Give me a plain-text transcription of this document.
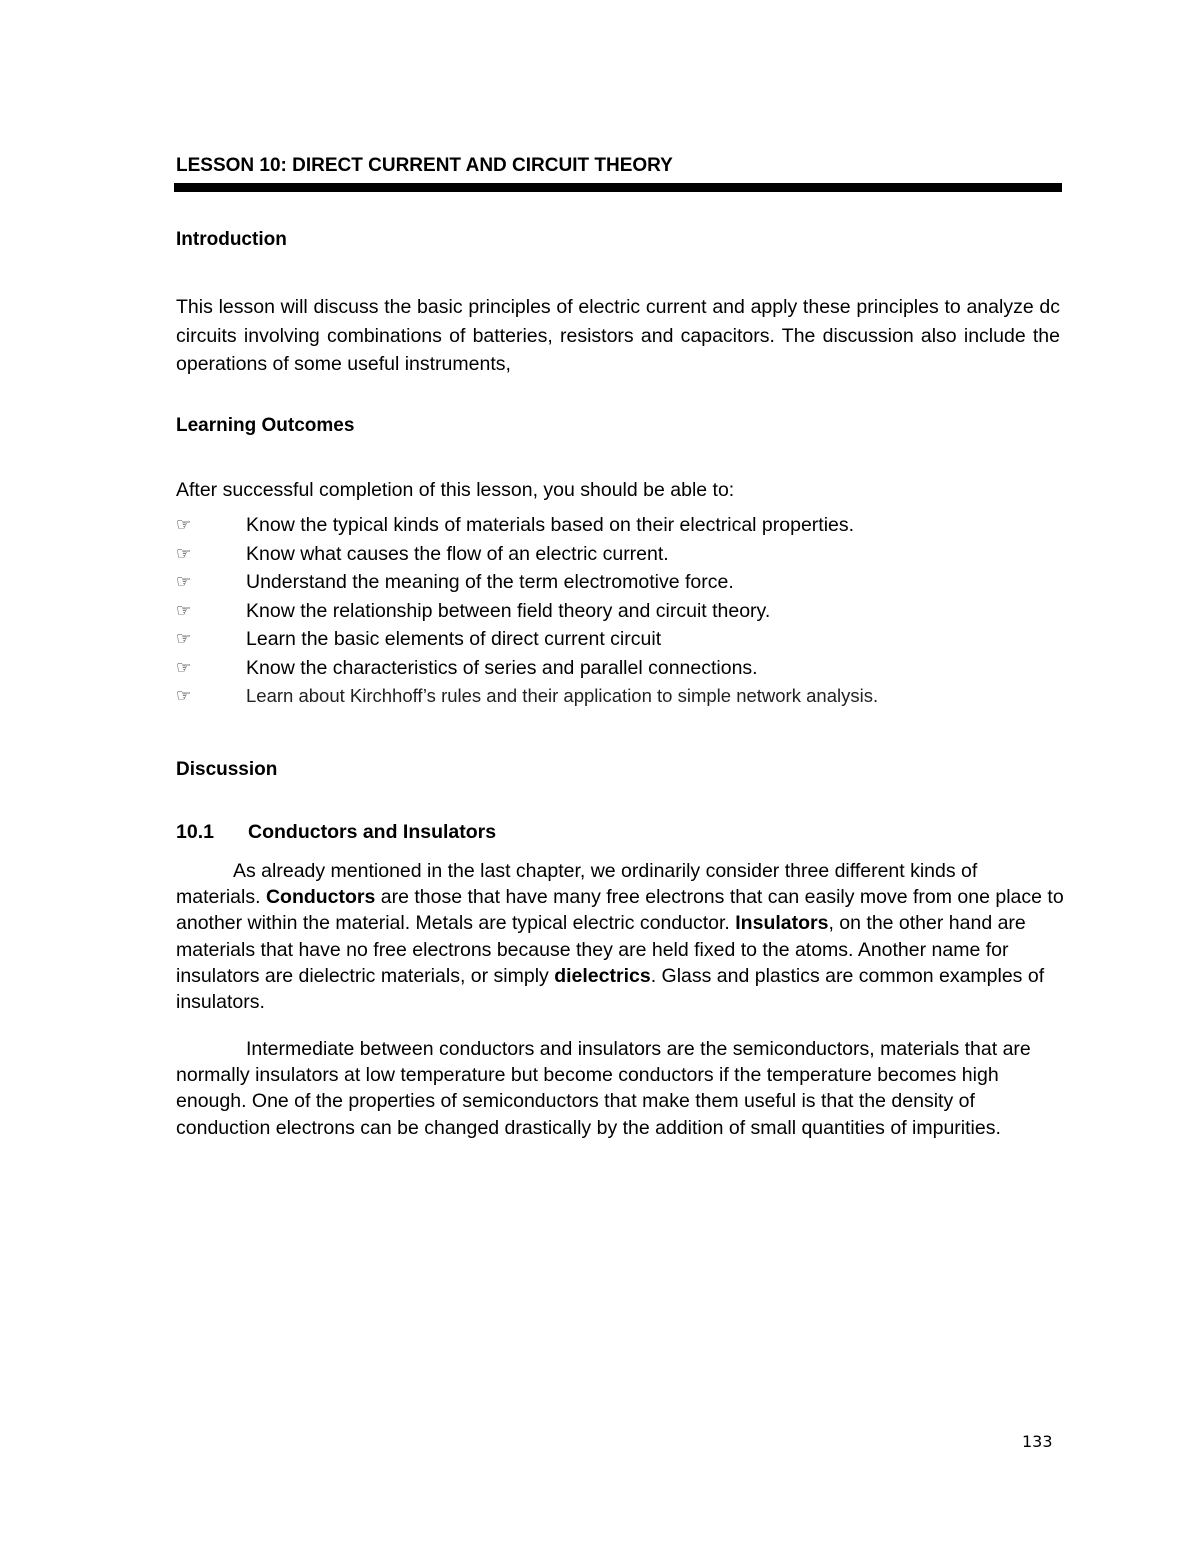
LESSON 10: DIRECT CURRENT AND CIRCUIT THEORY
Introduction

This lesson will discuss the basic principles of electric current and apply these principles to analyze dc circuits involving combinations of batteries, resistors and capacitors. The discussion also include the operations of some useful instruments,

Learning Outcomes

After successful completion of this lesson, you should be able to:

☞	Know the typical kinds of materials based on their electrical properties.
☞	Know what causes the flow of an electric current.
☞	Understand the meaning of the term electromotive force.
☞	Know the relationship between field theory and circuit theory.
☞	Learn the basic elements of direct current circuit
☞	Know the characteristics of series and parallel connections.
☞	Learn about Kirchhoff’s rules and their application to simple network analysis.
Discussion
10.1 Conductors and Insulators

As already mentioned in the last chapter, we ordinarily consider three different kinds of materials. Conductors are those that have many free electrons that can easily move from one place to another within the material. Metals are typical electric conductor. Insulators, on the other hand are materials that have no free electrons because they are held fixed to the atoms. Another name for insulators are dielectric materials, or simply dielectrics. Glass and plastics are common examples of insulators.

Intermediate between conductors and insulators are the semiconductors, materials that are normally insulators at low temperature but become conductors if the temperature becomes high enough. One of the properties of semiconductors that make them useful is that the density of conduction electrons can be changed drastically by the addition of small quantities of impurities.

133
